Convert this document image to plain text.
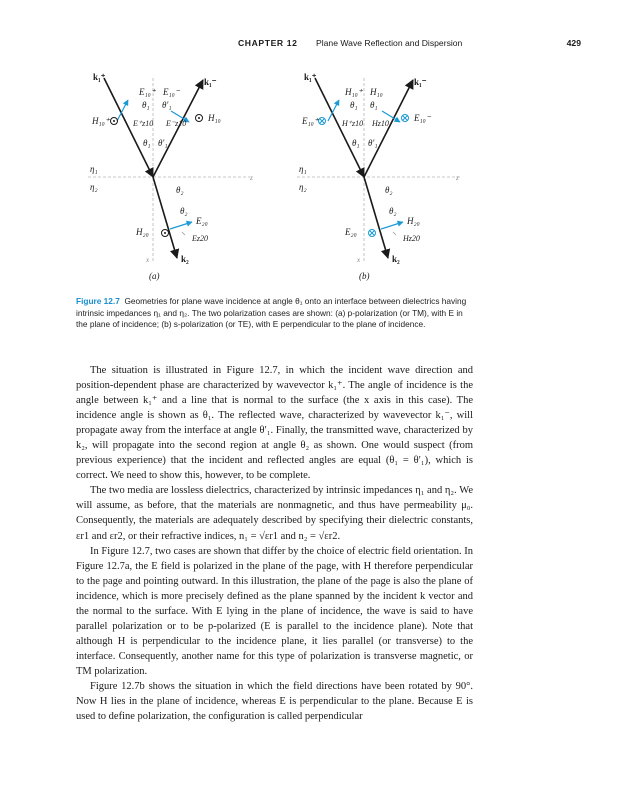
CHAPTER 12 Plane Wave Reflection and Dispersion	429
k₁⁺	k₁⁻
E₁₀⁺ E₁₀⁻
θ₁ θ′₁
H₁₀⁺	H₁₀
E⁺z10 E⁻z10
θ₁ θ′₁
η₁
η₂
z
x
θ₂
θ₂
E₂₀
Ez20
H₂₀
k₂
(a)
k₁⁺	k₁⁻
H₁₀⁺ H₁₀
θ₁ θ₁
E₁₀⁺	E₁₀⁻
H⁺z10 Hz10
θ₁ θ′₁
η₁
η₂
z
x
θ₂
θ₂
H₂₀
Hz20
E₂₀
k₂
(b)
Figure 12.7 Geometries for plane wave incidence at angle θ₁ onto an interface between dielectrics having intrinsic impedances η₁ and η₂. The two polarization cases are shown: (a) p-polarization (or TM), with E in the plane of incidence; (b) s-polarization (or TE), with E perpendicular to the plane of incidence.

The situation is illustrated in Figure 12.7, in which the incident wave direction and position-dependent phase are characterized by wavevector k₁⁺. The angle of incidence is the angle between k₁⁺ and a line that is normal to the surface (the x axis in this case). The incidence angle is shown as θ₁. The reflected wave, characterized by wavevector k₁⁻, will propagate away from the interface at angle θ′₁. Finally, the transmitted wave, characterized by k₂, will propagate into the second region at angle θ₂ as shown. One would suspect (from previous experience) that the incident and reflected angles are equal (θ₁ = θ′₁), which is correct. We need to show this, however, to be complete.

The two media are lossless dielectrics, characterized by intrinsic impedances η₁ and η₂. We will assume, as before, that the materials are nonmagnetic, and thus have permeability μ₀. Consequently, the materials are adequately described by specifying their dielectric constants, εr1 and εr2, or their refractive indices, n₁ = √εr1 and n₂ = √εr2.

In Figure 12.7, two cases are shown that differ by the choice of electric field orientation. In Figure 12.7a, the E field is polarized in the plane of the page, with H therefore perpendicular to the page and pointing outward. In this illustration, the plane of the page is also the plane of incidence, which is more precisely defined as the plane spanned by the incident k vector and the normal to the surface. With E lying in the plane of incidence, the wave is said to have parallel polarization or to be p-polarized (E is parallel to the incidence plane). Note that although H is perpendicular to the incidence plane, it lies parallel (or transverse) to the interface. Consequently, another name for this type of polarization is transverse magnetic, or TM polarization.

Figure 12.7b shows the situation in which the field directions have been rotated by 90°. Now H lies in the plane of incidence, whereas E is perpendicular to the plane. Because E is used to define polarization, the configuration is called perpendicular
